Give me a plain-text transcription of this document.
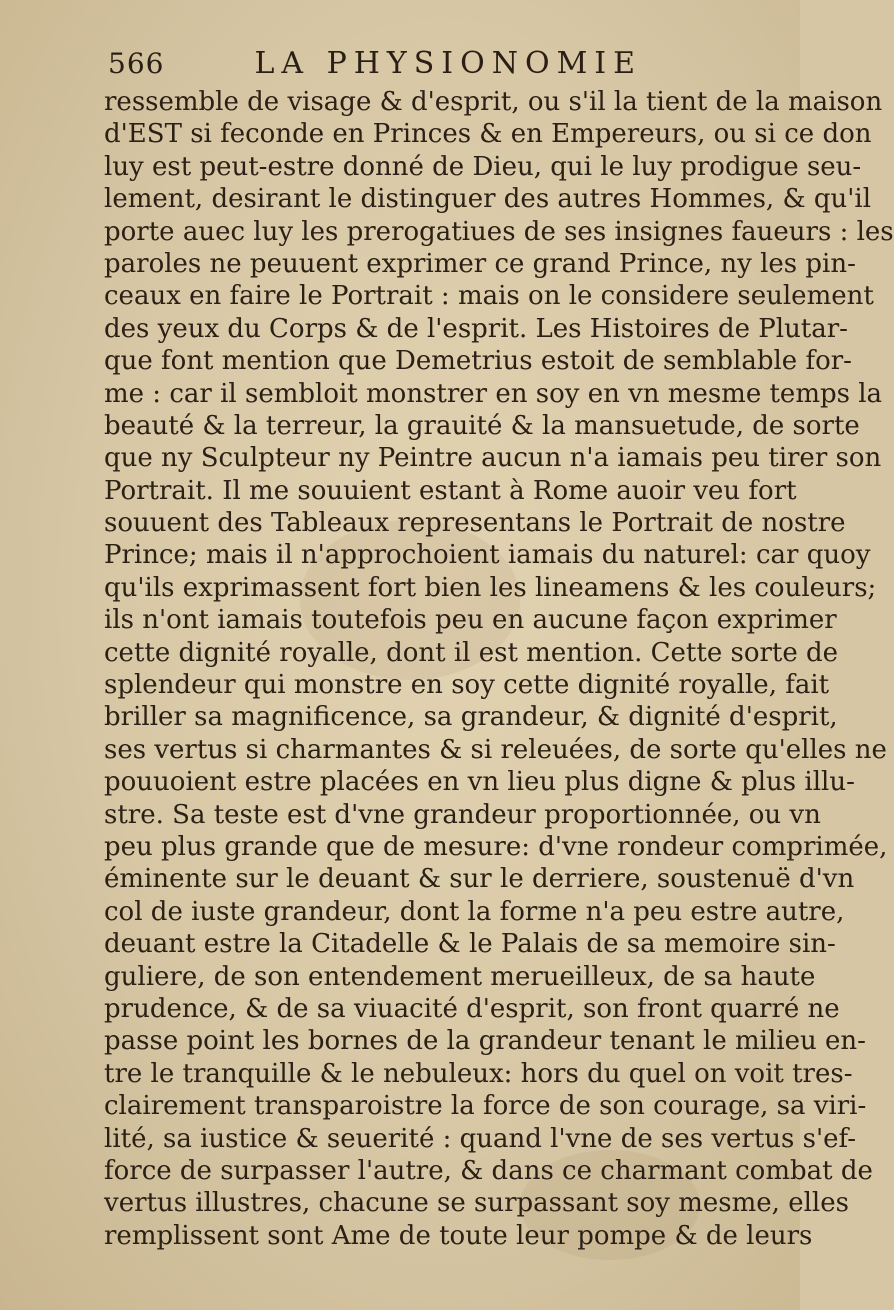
566	LA PHYSIONOMIE
ressemble de visage & d'esprit, ou s'il la tient de la maison
d'EST si feconde en Princes & en Empereurs, ou si ce don
luy est peut-estre donné de Dieu, qui le luy prodigue seu-
lement, desirant le distinguer des autres Hommes, & qu'il
porte auec luy les prerogatiues de ses insignes faueurs : les
paroles ne peuuent exprimer ce grand Prince, ny les pin-
ceaux en faire le Portrait : mais on le considere seulement
des yeux du Corps & de l'esprit. Les Histoires de Plutar-
que font mention que Demetrius estoit de semblable for-
me : car il sembloit monstrer en soy en vn mesme temps la
beauté & la terreur, la grauité & la mansuetude, de sorte
que ny Sculpteur ny Peintre aucun n'a iamais peu tirer son
Portrait. Il me souuient estant à Rome auoir veu fort
souuent des Tableaux representans le Portrait de nostre
Prince; mais il n'approchoient iamais du naturel: car quoy
qu'ils exprimassent fort bien les lineamens & les couleurs;
ils n'ont iamais toutefois peu en aucune façon exprimer
cette dignité royalle, dont il est mention. Cette sorte de
splendeur qui monstre en soy cette dignité royalle, fait
briller sa magnificence, sa grandeur, & dignité d'esprit,
ses vertus si charmantes & si releuées, de sorte qu'elles ne
pouuoient estre placées en vn lieu plus digne & plus illu-
stre. Sa teste est d'vne grandeur proportionnée, ou vn
peu plus grande que de mesure: d'vne rondeur comprimée,
éminente sur le deuant & sur le derriere, soustenuë d'vn
col de iuste grandeur, dont la forme n'a peu estre autre,
deuant estre la Citadelle & le Palais de sa memoire sin-
guliere, de son entendement merueilleux, de sa haute
prudence, & de sa viuacité d'esprit, son front quarré ne
passe point les bornes de la grandeur tenant le milieu en-
tre le tranquille & le nebuleux: hors du quel on voit tres-
clairement transparoistre la force de son courage, sa viri-
lité, sa iustice & seuerité : quand l'vne de ses vertus s'ef-
force de surpasser l'autre, & dans ce charmant combat de
vertus illustres, chacune se surpassant soy mesme, elles
remplissent sont Ame de toute leur pompe & de leurs
